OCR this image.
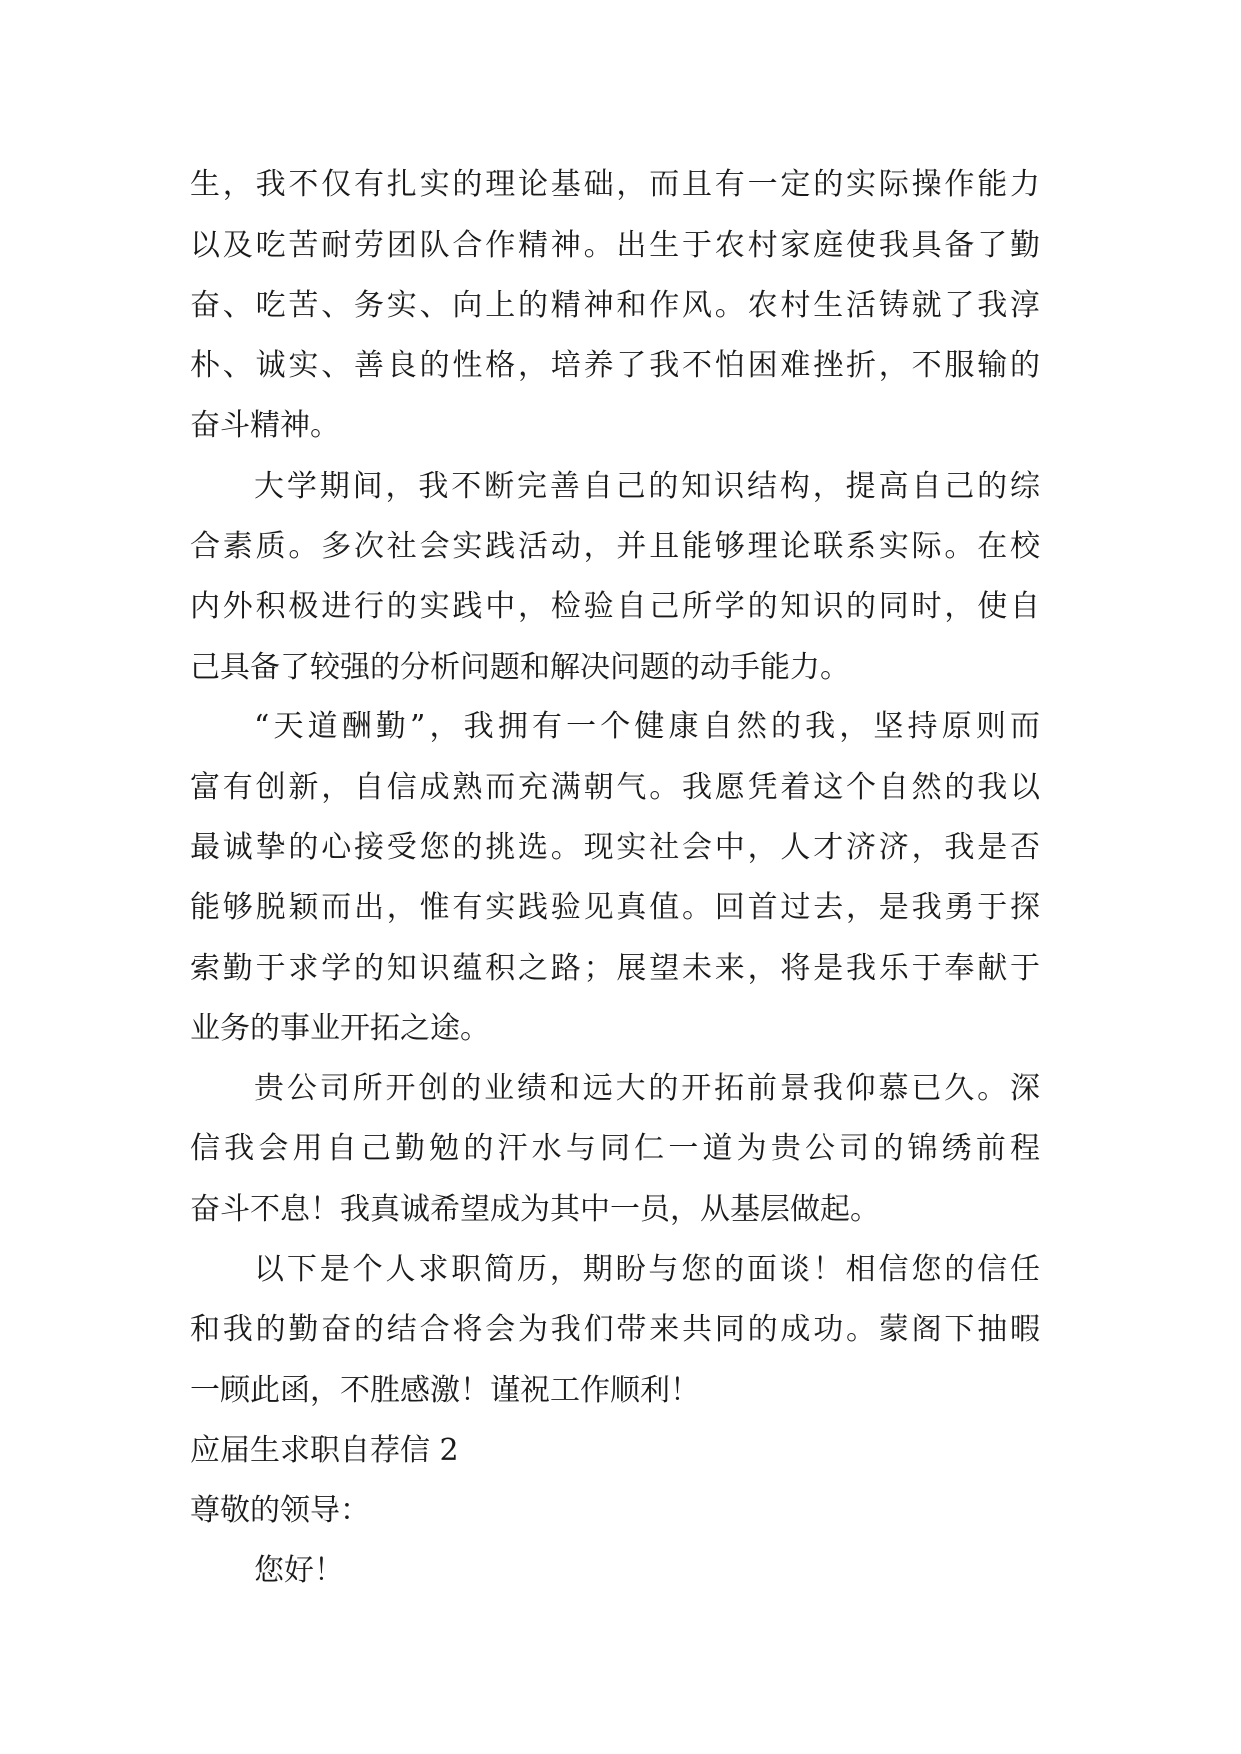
生，我不仅有扎实的理论基础，而且有一定的实际操作能力

以及吃苦耐劳团队合作精神。出生于农村家庭使我具备了勤

奋、吃苦、务实、向上的精神和作风。农村生活铸就了我淳

朴、诚实、善良的性格，培养了我不怕困难挫折，不服输的

奋斗精神。

大学期间，我不断完善自己的知识结构，提高自己的综

合素质。多次社会实践活动，并且能够理论联系实际。在校

内外积极进行的实践中，检验自己所学的知识的同时，使自

己具备了较强的分析问题和解决问题的动手能力。

“天道酬勤”，我拥有一个健康自然的我，坚持原则而

富有创新，自信成熟而充满朝气。我愿凭着这个自然的我以

最诚挚的心接受您的挑选。现实社会中，人才济济，我是否

能够脱颖而出，惟有实践验见真值。回首过去，是我勇于探

索勤于求学的知识蕴积之路；展望未来，将是我乐于奉献于

业务的事业开拓之途。

贵公司所开创的业绩和远大的开拓前景我仰慕已久。深

信我会用自己勤勉的汗水与同仁一道为贵公司的锦绣前程

奋斗不息！我真诚希望成为其中一员，从基层做起。

以下是个人求职简历，期盼与您的面谈！相信您的信任

和我的勤奋的结合将会为我们带来共同的成功。蒙阁下抽暇

一顾此函，不胜感激！谨祝工作顺利！

应届生求职自荐信 2

尊敬的领导：

您好！
